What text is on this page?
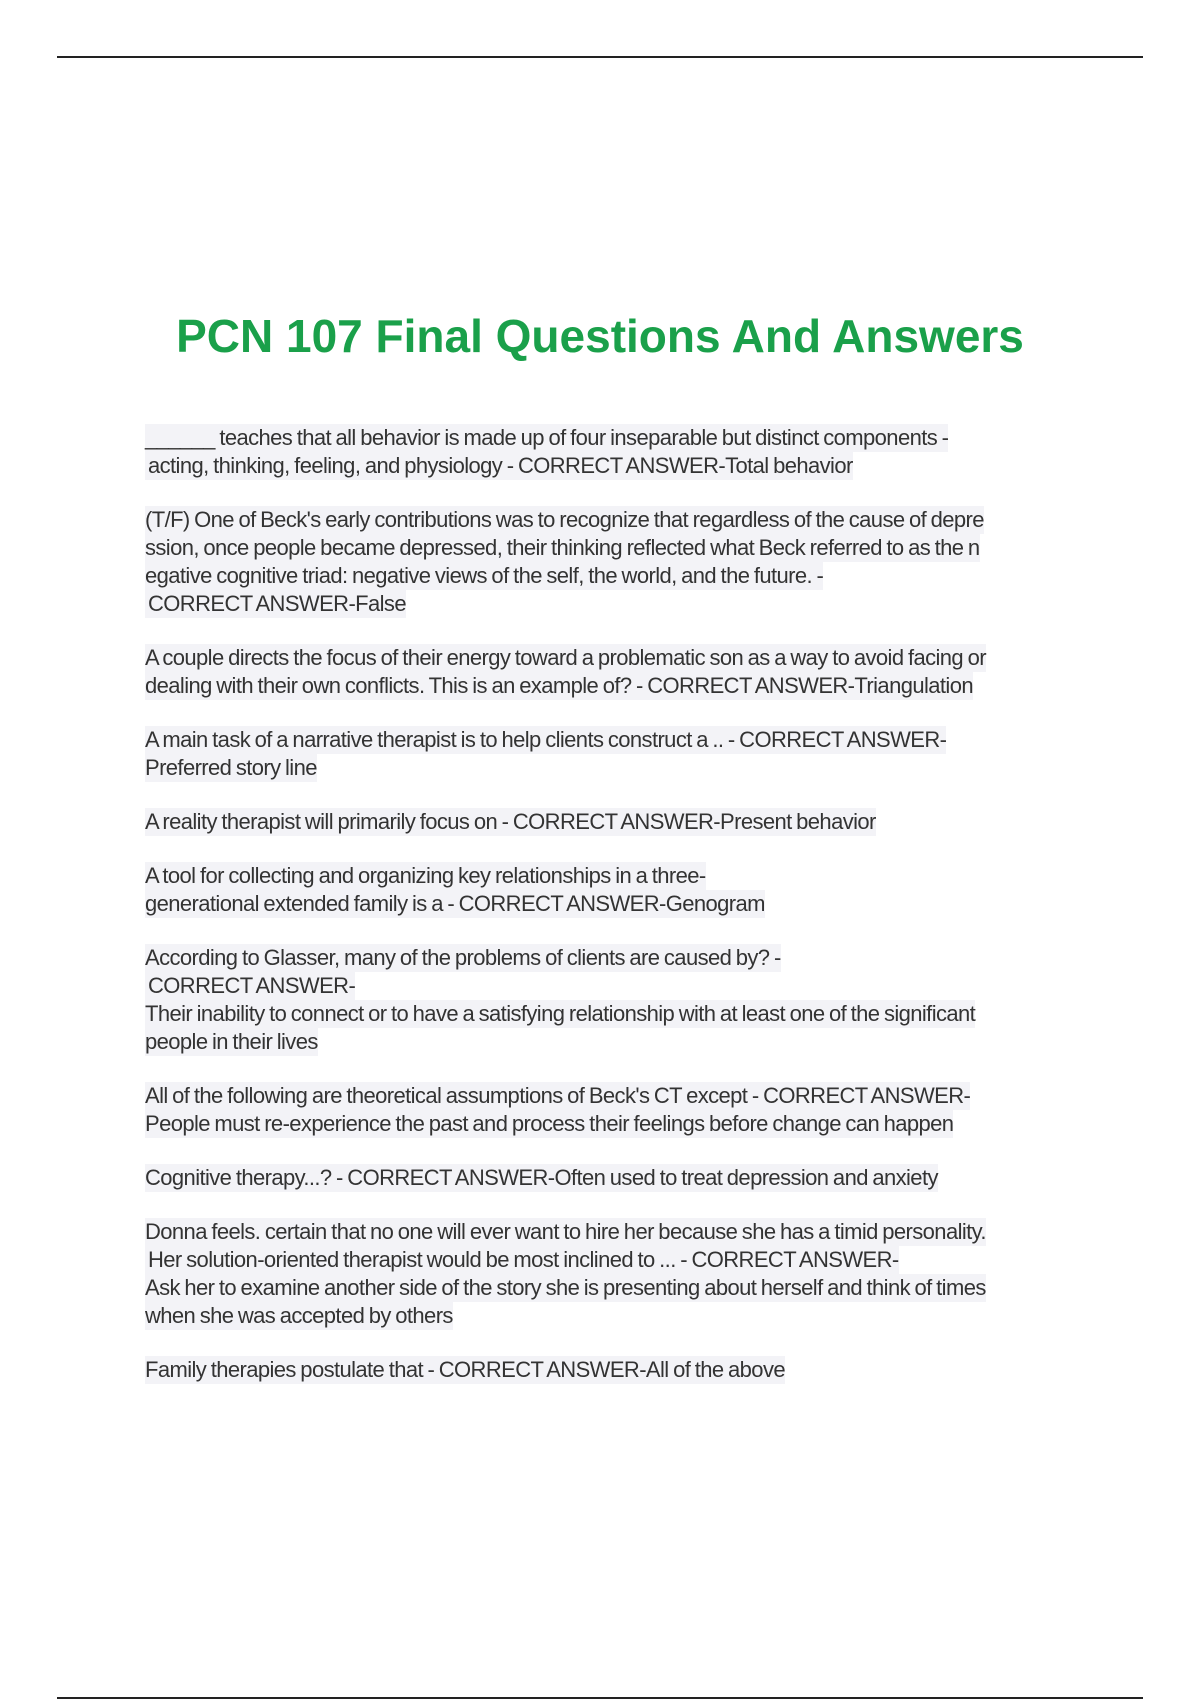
PCN 107 Final Questions And Answers
______ teaches that all behavior is made up of four inseparable but distinct components -
acting, thinking, feeling, and physiology - CORRECT ANSWER-Total behavior
(T/F) One of Beck's early contributions was to recognize that regardless of the cause of depre
ssion, once people became depressed, their thinking reflected what Beck referred to as the n
egative cognitive triad: negative views of the self, the world, and the future. -
CORRECT ANSWER-False
A couple directs the focus of their energy toward a problematic son as a way to avoid facing or
dealing with their own conflicts. This is an example of? - CORRECT ANSWER-Triangulation
A main task of a narrative therapist is to help clients construct a .. - CORRECT ANSWER-
Preferred story line
A reality therapist will primarily focus on - CORRECT ANSWER-Present behavior
A tool for collecting and organizing key relationships in a three-
generational extended family is a - CORRECT ANSWER-Genogram
According to Glasser, many of the problems of clients are caused by? -
CORRECT ANSWER-
Their inability to connect or to have a satisfying relationship with at least one of the significant
people in their lives
All of the following are theoretical assumptions of Beck's CT except - CORRECT ANSWER-
People must re-experience the past and process their feelings before change can happen
Cognitive therapy...? - CORRECT ANSWER-Often used to treat depression and anxiety
Donna feels. certain that no one will ever want to hire her because she has a timid personality.
Her solution-oriented therapist would be most inclined to ... - CORRECT ANSWER-
Ask her to examine another side of the story she is presenting about herself and think of times
when she was accepted by others
Family therapies postulate that - CORRECT ANSWER-All of the above
